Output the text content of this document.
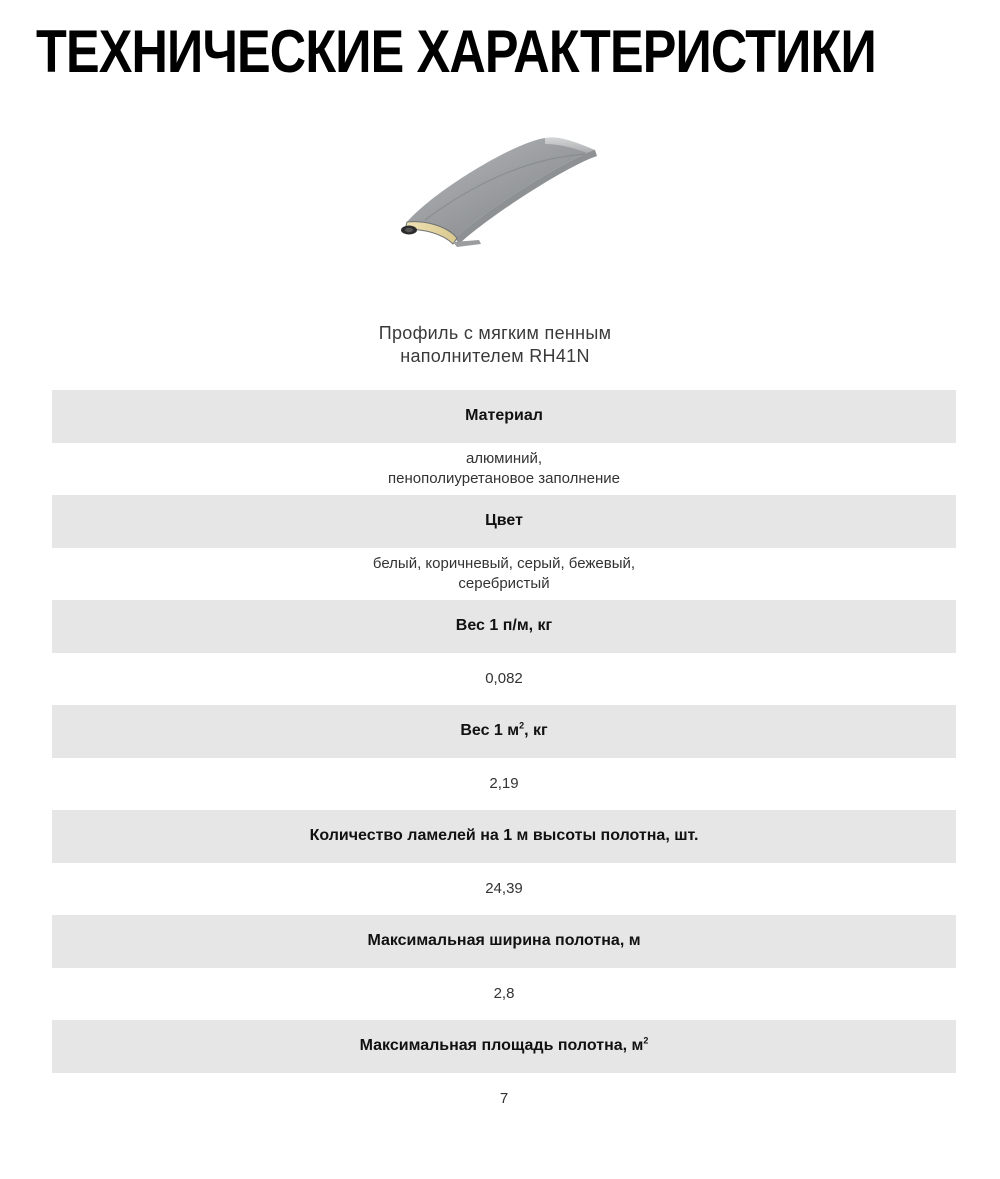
ТЕХНИЧЕСКИЕ ХАРАКТЕРИСТИКИ
Профиль с мягким пенным
наполнителем RH41N
Материал
алюминий,
пенополиуретановое заполнение
Цвет
белый, коричневый, серый, бежевый,
серебристый
Вес 1 п/м, кг
0,082
Вес 1 $м^2$, кг
2,19
Количество ламелей на 1 м высоты полотна, шт.
24,39
Максимальная ширина полотна, м
2,8
Максимальная площадь полотна, $м^2$
7
